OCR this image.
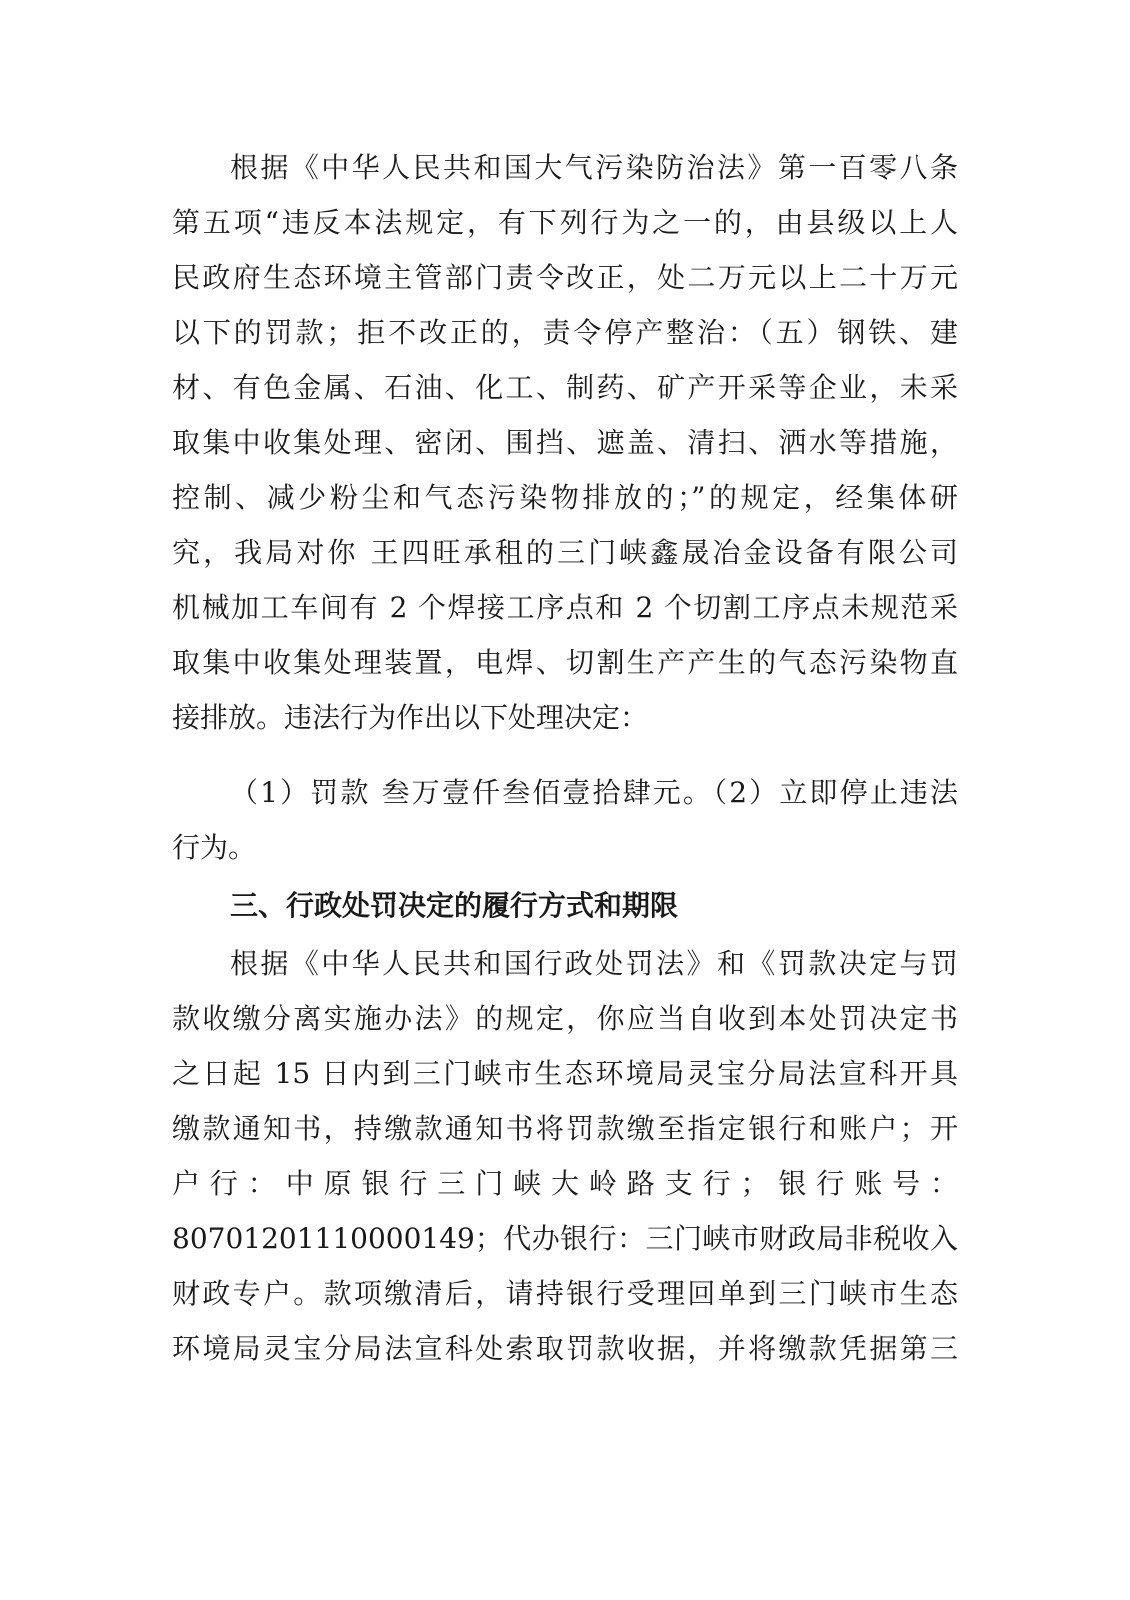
根据《中华人民共和国大气污染防治法》第一百零八条
第五项“违反本法规定，有下列行为之一的，由县级以上人
民政府生态环境主管部门责令改正，处二万元以上二十万元
以下的罚款；拒不改正的，责令停产整治：（五）钢铁、建
材、有色金属、石油、化工、制药、矿产开采等企业，未采
取集中收集处理、密闭、围挡、遮盖、清扫、洒水等措施，
控制、减少粉尘和气态污染物排放的；”的规定，经集体研
究，我局对你 王四旺承租的三门峡鑫晟冶金设备有限公司
机械加工车间有 2 个焊接工序点和 2 个切割工序点未规范采
取集中收集处理装置，电焊、切割生产产生的气态污染物直
接排放。违法行为作出以下处理决定：
（1）罚款 叁万壹仟叁佰壹拾肆元。（2）立即停止违法
行为。
三、行政处罚决定的履行方式和期限
根据《中华人民共和国行政处罚法》和《罚款决定与罚
款收缴分离实施办法》的规定，你应当自收到本处罚决定书
之日起 15 日内到三门峡市生态环境局灵宝分局法宣科开具
缴款通知书，持缴款通知书将罚款缴至指定银行和账户；开
户行：中原银行三门峡大岭路支行；银行账号：
80701201110000149；代办银行：三门峡市财政局非税收入
财政专户。款项缴清后，请持银行受理回单到三门峡市生态
环境局灵宝分局法宣科处索取罚款收据，并将缴款凭据第三
